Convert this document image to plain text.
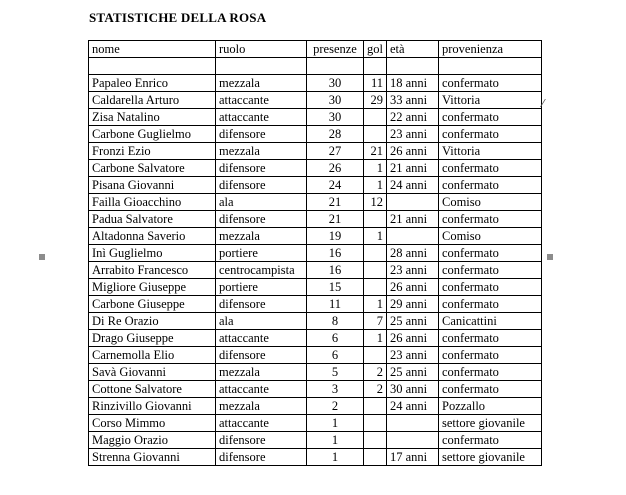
STATISTICHE DELLA ROSA
nome	ruolo	presenze	gol	età	provenienza

Papaleo Enrico	mezzala	30	11	18 anni	confermato
Caldarella Arturo	attaccante	30	29	33 anni	Vittoria
Zisa Natalino	attaccante	30		22 anni	confermato
Carbone Guglielmo	difensore	28		23 anni	confermato
Fronzi Ezio	mezzala	27	21	26 anni	Vittoria
Carbone Salvatore	difensore	26	1	21 anni	confermato
Pisana Giovanni	difensore	24	1	24 anni	confermato
Failla Gioacchino	ala	21	12		Comiso
Padua Salvatore	difensore	21		21 anni	confermato
Altadonna Saverio	mezzala	19	1		Comiso
Inì Guglielmo	portiere	16		28 anni	confermato
Arrabito Francesco	centrocampista	16		23 anni	confermato
Migliore Giuseppe	portiere	15		26 anni	confermato
Carbone Giuseppe	difensore	11	1	29 anni	confermato
Di Re Orazio	ala	8	7	25 anni	Canicattini
Drago Giuseppe	attaccante	6	1	26 anni	confermato
Carnemolla Elio	difensore	6		23 anni	confermato
Savà Giovanni	mezzala	5	2	25 anni	confermato
Cottone Salvatore	attaccante	3	2	30 anni	confermato
Rinzivillo Giovanni	mezzala	2		24 anni	Pozzallo
Corso Mimmo	attaccante	1			settore giovanile
Maggio Orazio	difensore	1			confermato
Strenna Giovanni	difensore	1		17 anni	settore giovanile
⁄
